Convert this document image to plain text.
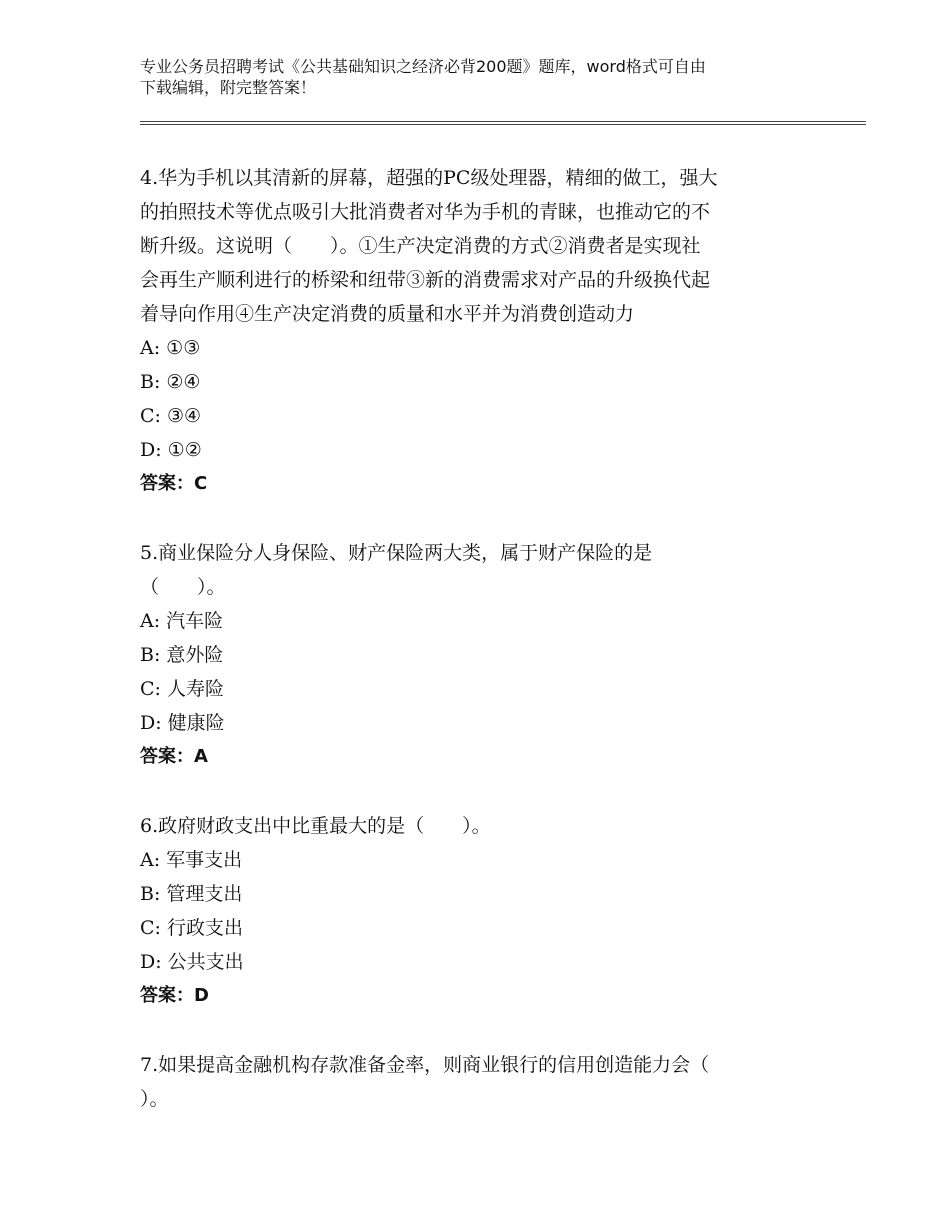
专业公务员招聘考试《公共基础知识之经济必背200题》题库，word格式可自由
下载编辑，附完整答案！

4.华为手机以其清新的屏幕，超强的PC级处理器，精细的做工，强大

的拍照技术等优点吸引大批消费者对华为手机的青睐，也推动它的不

断升级。这说明（　　）。①生产决定消费的方式②消费者是实现社

会再生产顺利进行的桥梁和纽带③新的消费需求对产品的升级换代起

着导向作用④生产决定消费的质量和水平并为消费创造动力

A: ①③

B: ②④

C: ③④

D: ①②

答案：C

5.商业保险分人身保险、财产保险两大类，属于财产保险的是

（　　）。

A: 汽车险

B: 意外险

C: 人寿险

D: 健康险

答案：A

6.政府财政支出中比重最大的是（　　）。

A: 军事支出

B: 管理支出

C: 行政支出

D: 公共支出

答案：D

7.如果提高金融机构存款准备金率，则商业银行的信用创造能力会（

）。
